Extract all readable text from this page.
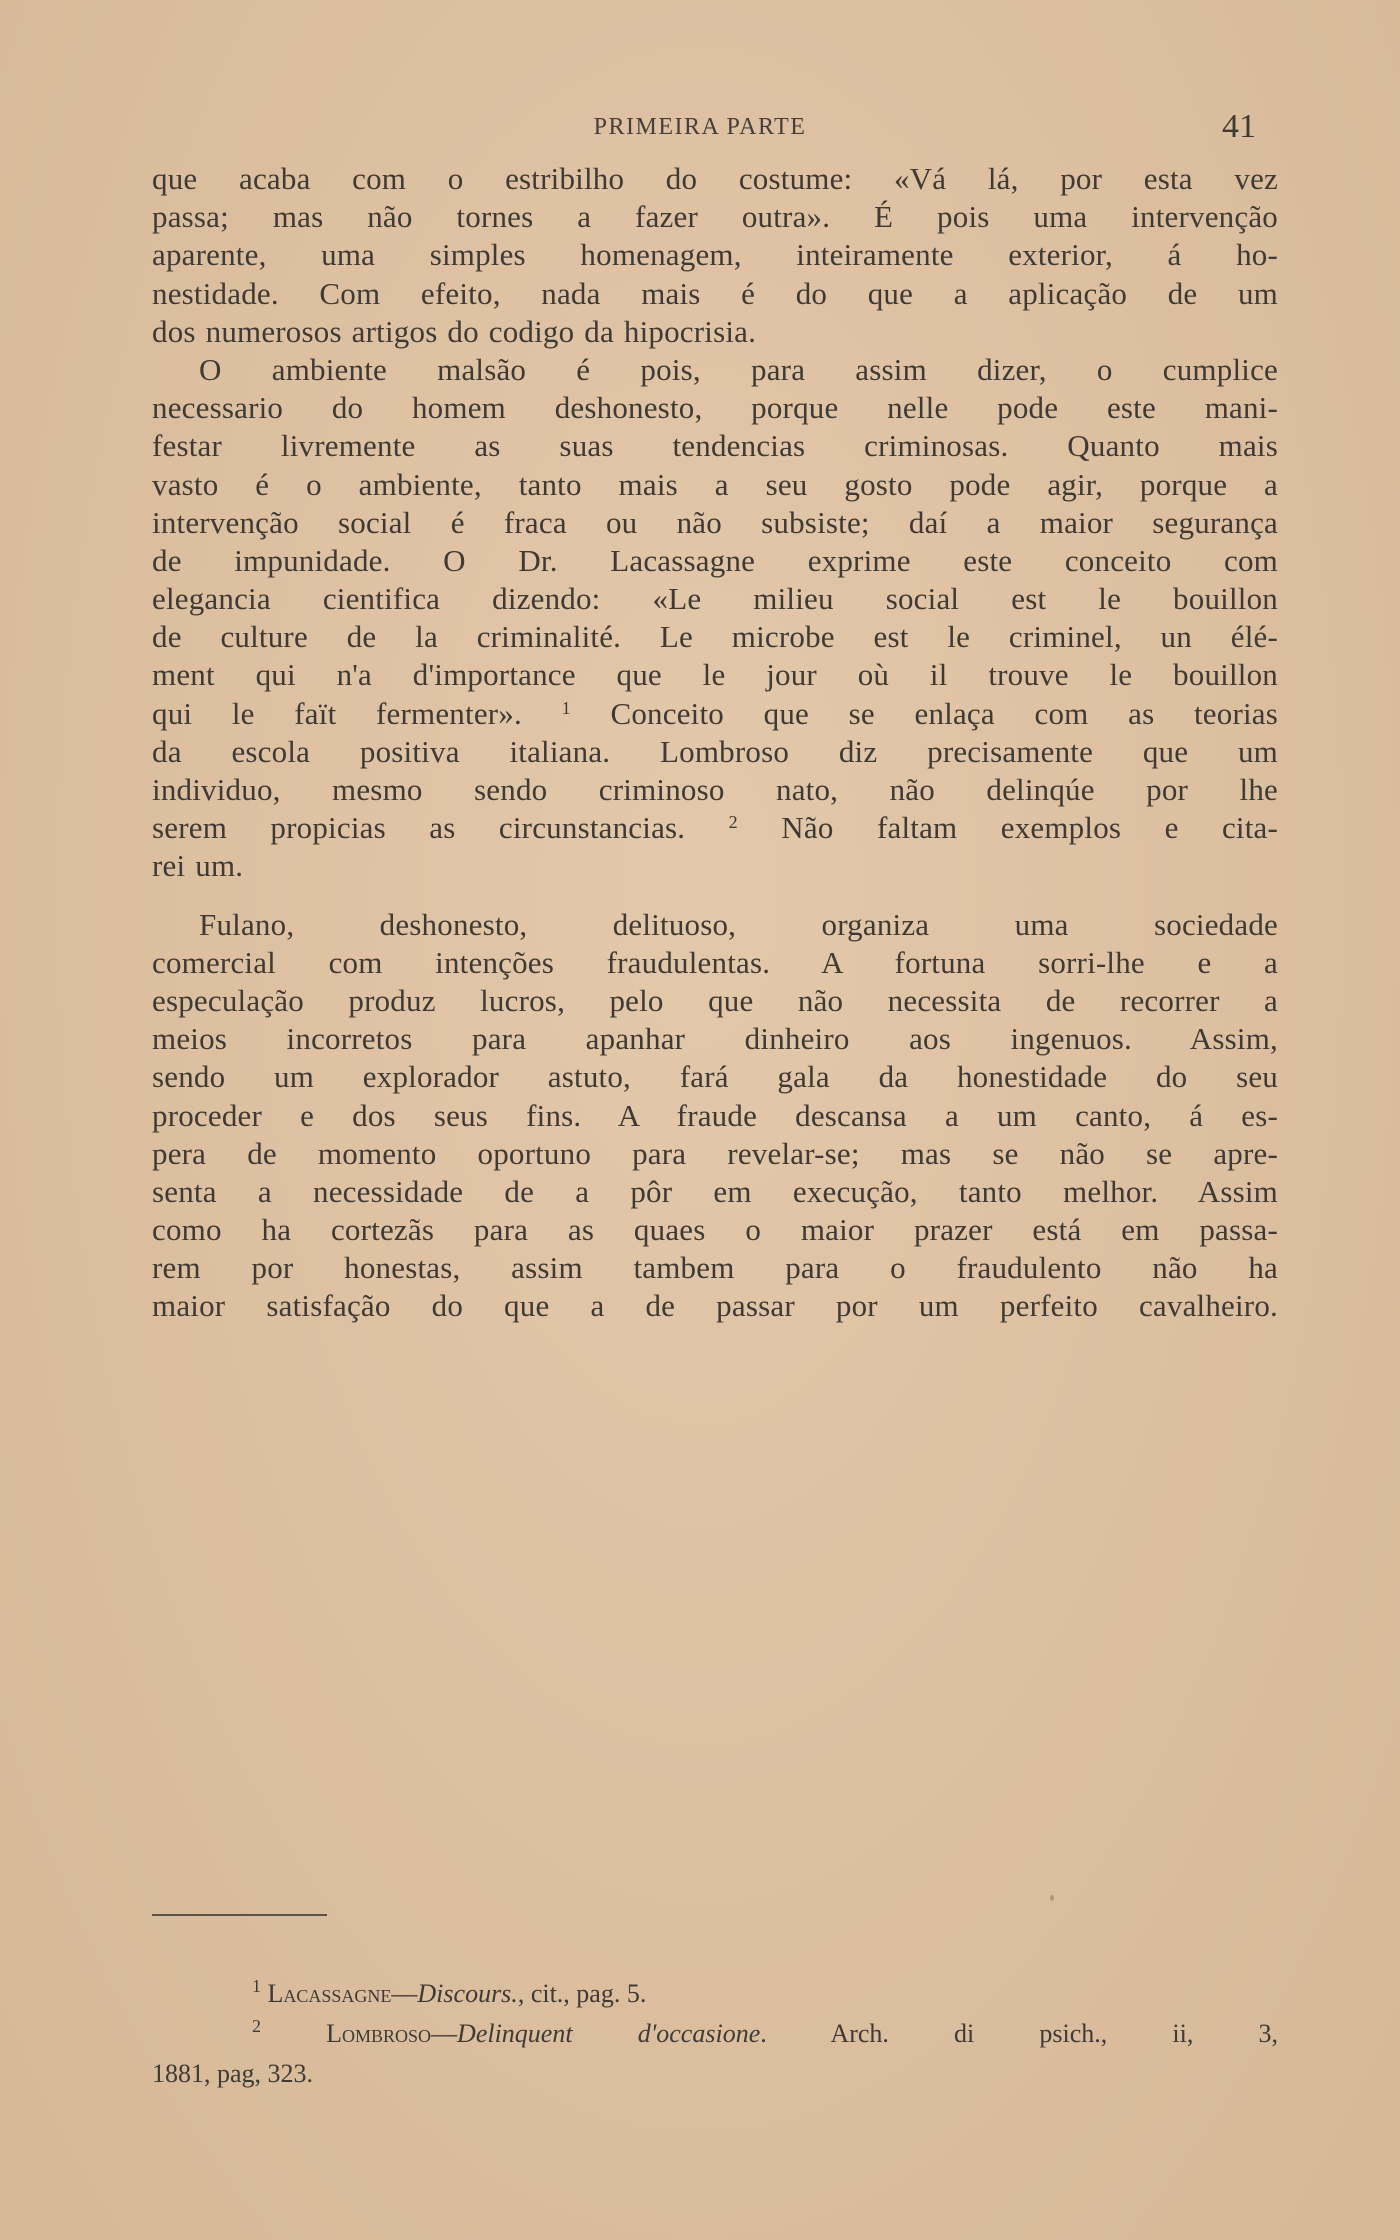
PRIMEIRA PARTE	41
que acaba com o estribilho do costume: «Vá lá, por esta vez
passa; mas não tornes a fazer outra». É pois uma intervenção
aparente, uma simples homenagem, inteiramente exterior, á ho-
nestidade. Com efeito, nada mais é do que a aplicação de um
dos numerosos artigos do codigo da hipocrisia.
O ambiente malsão é pois, para assim dizer, o cumplice
necessario do homem deshonesto, porque nelle pode este mani-
festar livremente as suas tendencias criminosas. Quanto mais
vasto é o ambiente, tanto mais a seu gosto pode agir, porque a
intervenção social é fraca ou não subsiste; daí a maior segurança
de impunidade. O Dr. Lacassagne exprime este conceito com
elegancia cientifica dizendo: «Le milieu social est le bouillon
de culture de la criminalité. Le microbe est le criminel, un élé-
ment qui n'a d'importance que le jour où il trouve le bouillon
qui le faït fermenter». $^1$ Conceito que se enlaça com as teorias
da escola positiva italiana. Lombroso diz precisamente que um
individuo, mesmo sendo criminoso nato, não delinqúe por lhe
serem propicias as circunstancias. $^2$ Não faltam exemplos e cita-
rei um.
Fulano, deshonesto, delituoso, organiza uma sociedade
comercial com intenções fraudulentas. A fortuna sorri-lhe e a
especulação produz lucros, pelo que não necessita de recorrer a
meios incorretos para apanhar dinheiro aos ingenuos. Assim,
sendo um explorador astuto, fará gala da honestidade do seu
proceder e dos seus fins. A fraude descansa a um canto, á es-
pera de momento oportuno para revelar-se; mas se não se apre-
senta a necessidade de a pôr em execução, tanto melhor. Assim
como ha cortezãs para as quaes o maior prazer está em passa-
rem por honestas, assim tambem para o fraudulento não ha
maior satisfação do que a de passar por um perfeito cavalheiro.
$^1$ Lacassagne—Discours., cit., pag. 5.
$^2$	Lombroso—Delinquent d'occasione. Arch. di psich., ii, 3,
1881, pag, 323.
